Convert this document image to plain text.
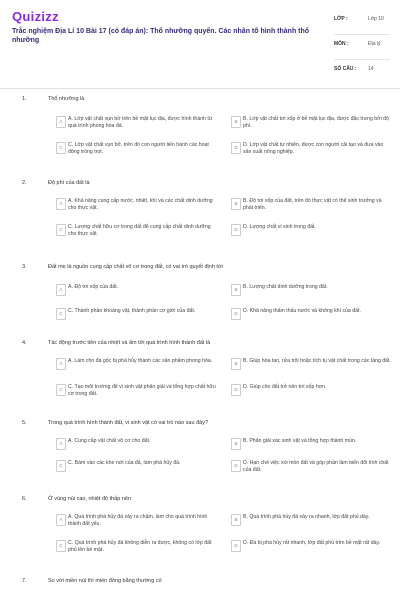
Quizizz
Trắc nghiệm Địa Lí 10 Bài 17 (có đáp án): Thổ nhưỡng quyển. Các nhân tố hình thành thổ nhưỡng
LỚP :	Lớp 10
MÔN :	Địa lý
SỐ CÂU : 14
1.	Thổ nhưỡng là
A	A. Lớp vật chất vụn bở trên bề mặt lục địa, được hình thành từ quá trình phong hóa đá.
B	B. Lớp vật chất tơi xốp ở bề mặt lục địa, được đặc trưng bởi độ phì.
C	C. Lớp vật chất vụn bở, trên đó con người tiến hành các hoạt động trồng trọt.
D	D. Lớp vật chất tự nhiên, được con người cải tạo và đưa vào sản xuất nông nghiệp.
2.	Độ phì của đất là
A	A. Khả năng cung cấp nước, nhiệt, khí và các chất dinh dưỡng cho thực vật.
B	B. Độ tơi xốp của đất, trên đó thực vật có thể sinh trưởng và phát triển.
C	C. Lượng chất hữu cơ trong đất để cung cấp chất dinh dưỡng cho thực vật.
D	D. Lượng chất vi sinh trong đất.
3.	Đất mẹ là nguồn cung cấp chất vô cơ trong đất, có vai trò quyết định tới
A	A. Độ tơi xốp của đất.	B	B. Lượng chất dinh dưỡng trong đất.
C	C. Thành phần khoáng vật, thành phần cơ giới của đất.	D	D. Khả năng thấm thấu nước và không khí của đất.
4.	Tác động trước tiên của nhiệt và ẩm tới quá trình hình thành đất là
A	A. Làm cho đá gốc bị phá hủy thành các sản phẩm phong hóa.	B	B. Giúp hòa tan, rửa trôi hoặc tích tụ vật chất trong các tầng đất.
C	C. Tạo môi trường để vi sinh vật phân giải và tổng hợp chất hữu cơ trong đất.
D	D. Giúp cho đất trở nên tơi xốp hơn.
5.	Trong quá trình hình thành đất, vi sinh vật có vai trò nào sau đây?
A	A. Cung cấp vật chất vô cơ cho đất.	B	B. Phân giải xác sinh vật và tổng hợp thành mùn.
C	C. Bám vào các khe nứt của đá, làm phá hủy đá.	D	D. Hạn chế việc xói mòn đất và góp phần làm biến đổi tính chất của đất.
6.	Ở vùng núi cao, nhiệt độ thấp nên
A	A. Quá trình phá hủy đá xảy ra chậm, làm cho quá trình hình thành đất yếu.
B	B. Quá trình phá hủy đá xảy ra nhanh, lớp đất phủ dày.
C	C. Quá trình phá hủy đá không diễn ra được, không có lớp đất phủ lên bề mặt.
D	D. Đá bị phá hủy rất nhanh, lớp đất phủ trên bề mặt rất dày.
7.	So với miền núi thì miền đồng bằng thường có
